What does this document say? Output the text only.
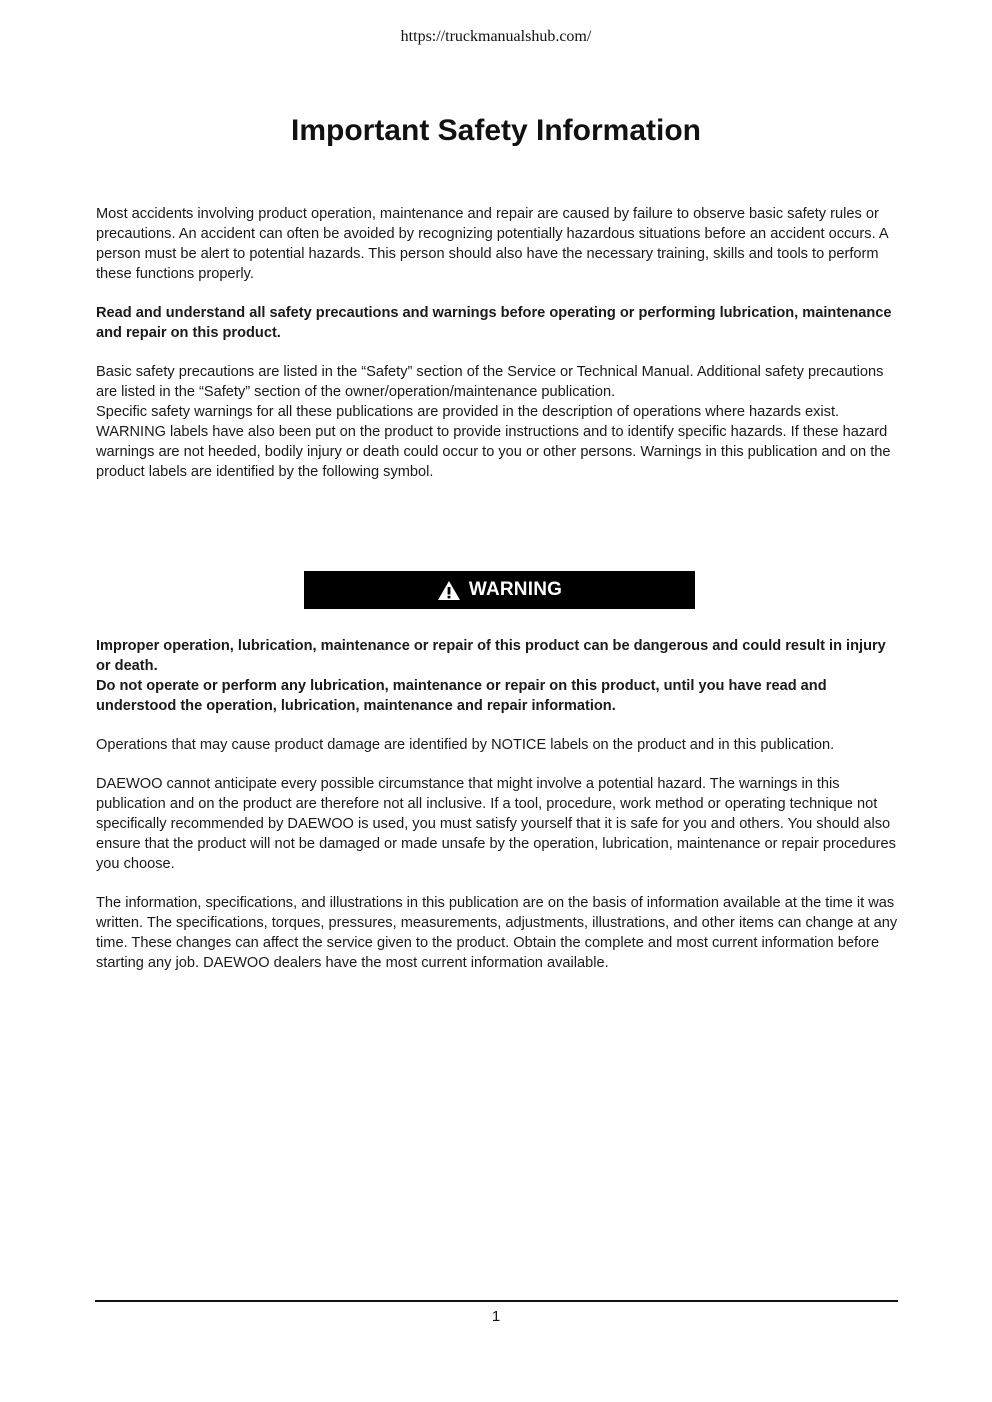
https://truckmanualshub.com/
Important Safety Information

Most accidents involving product operation, maintenance and repair are caused by failure to observe basic safety rules or precautions. An accident can often be avoided by recognizing potentially hazardous situations before an accident occurs. A person must be alert to potential hazards. This person should also have the necessary training, skills and tools to perform these functions properly.

Read and understand all safety precautions and warnings before operating or performing lubrication, maintenance and repair on this product.

Basic safety precautions are listed in the “Safety” section of the Service or Technical Manual. Additional safety precautions are listed in the “Safety” section of the owner/operation/maintenance publication.

Specific safety warnings for all these publications are provided in the description of operations where hazards exist. WARNING labels have also been put on the product to provide instructions and to identify specific hazards. If these hazard warnings are not heeded, bodily injury or death could occur to you or other persons. Warnings in this publication and on the product labels are identified by the following symbol.

WARNING

Improper operation, lubrication, maintenance or repair of this product can be dangerous and could result in injury or death.

Do not operate or perform any lubrication, maintenance or repair on this product, until you have read and understood the operation, lubrication, maintenance and repair information.

Operations that may cause product damage are identified by NOTICE labels on the product and in this publication.

DAEWOO cannot anticipate every possible circumstance that might involve a potential hazard. The warnings in this publication and on the product are therefore not all inclusive. If a tool, procedure, work method or operating technique not specifically recommended by DAEWOO is used, you must satisfy yourself that it is safe for you and others. You should also ensure that the product will not be damaged or made unsafe by the operation, lubrication, maintenance or repair procedures you choose.

The information, specifications, and illustrations in this publication are on the basis of information available at the time it was written. The specifications, torques, pressures, measurements, adjustments, illustrations, and other items can change at any time. These changes can affect the service given to the product. Obtain the complete and most current information before starting any job. DAEWOO dealers have the most current information available.

1
